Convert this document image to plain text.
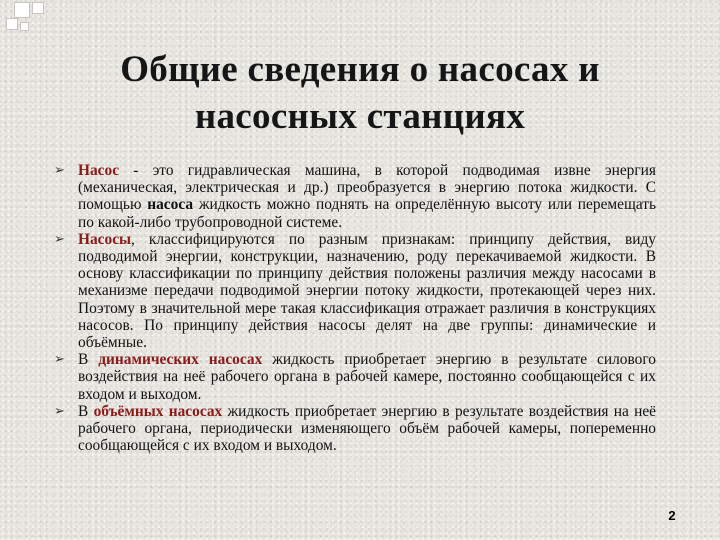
Общие сведения о насосах и
насосных станциях
➢ Насос - это гидравлическая машина, в которой подводимая извне энергия (механическая, электрическая и др.) преобразуется в энергию потока жидкости. С помощью насоса жидкость можно поднять на определённую высоту или перемещать по какой-либо трубопроводной системе.
➢ Насосы, классифицируются по разным признакам: принципу действия, виду подводимой энергии, конструкции, назначению, роду перекачиваемой жидкости. В основу классификации по принципу действия положены различия между насосами в механизме передачи подводимой энергии потоку жидкости, протекающей через них. Поэтому в значительной мере такая классификация отражает различия в конструкциях насосов. По принципу действия насосы делят на две группы: динамические и объёмные.
➢ В динамических насосах жидкость приобретает энергию в результате силового воздействия на неё рабочего органа в рабочей камере, постоянно сообщающейся с их входом и выходом.
➢ В объёмных насосах жидкость приобретает энергию в результате воздействия на неё рабочего органа, периодически изменяющего объём рабочей камеры, попеременно сообщающейся с их входом и выходом.
2
